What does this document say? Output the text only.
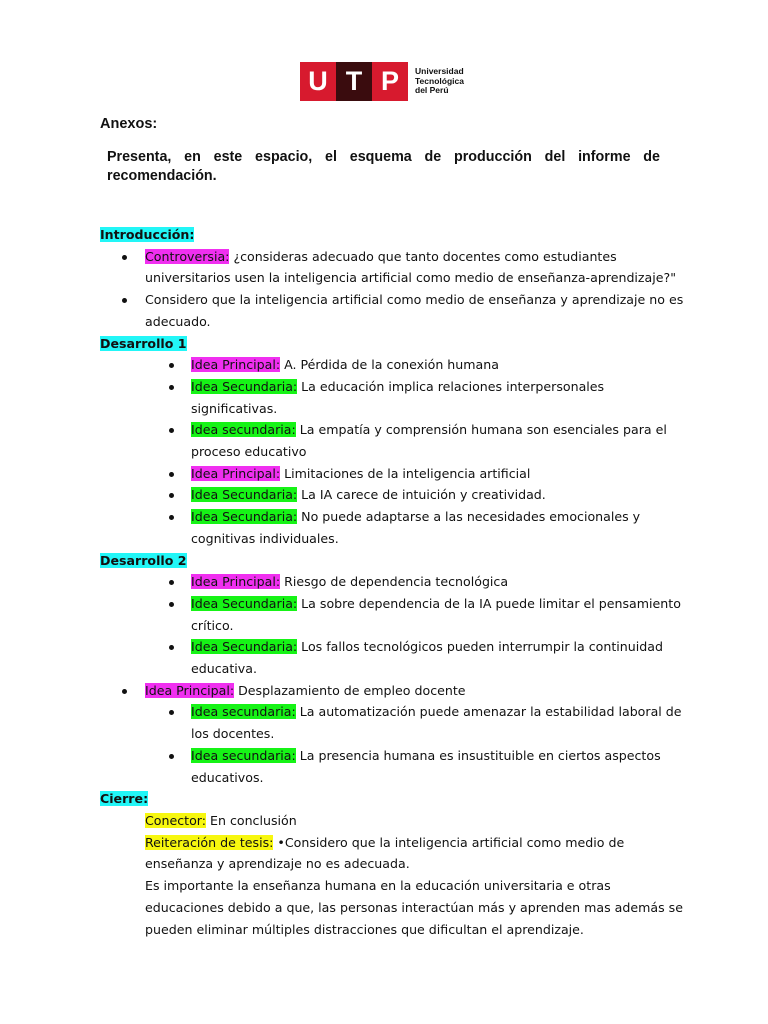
U T P	Universidad
Tecnológica
del Perú
Anexos:
Presenta, en este espacio, el esquema de producción del informe de recomendación.
Introducción:
Controversia: ¿consideras adecuado que tanto docentes como estudiantes
universitarios usen la inteligencia artificial como medio de enseñanza-aprendizaje?"
Considero que la inteligencia artificial como medio de enseñanza y aprendizaje no es
adecuado.
Desarrollo 1
Idea Principal: A. Pérdida de la conexión humana
Idea Secundaria: La educación implica relaciones interpersonales
significativas.
Idea secundaria: La empatía y comprensión humana son esenciales para el
proceso educativo
Idea Principal: Limitaciones de la inteligencia artificial
Idea Secundaria: La IA carece de intuición y creatividad.
Idea Secundaria: No puede adaptarse a las necesidades emocionales y
cognitivas individuales.
Desarrollo 2
Idea Principal: Riesgo de dependencia tecnológica
Idea Secundaria: La sobre dependencia de la IA puede limitar el pensamiento
crítico.
Idea Secundaria: Los fallos tecnológicos pueden interrumpir la continuidad
educativa.
Idea Principal: Desplazamiento de empleo docente
Idea secundaria: La automatización puede amenazar la estabilidad laboral de
los docentes.
Idea secundaria: La presencia humana es insustituible en ciertos aspectos
educativos.
Cierre:
Conector: En conclusión
Reiteración de tesis: •Considero que la inteligencia artificial como medio de
enseñanza y aprendizaje no es adecuada.
Es importante la enseñanza humana en la educación universitaria e otras
educaciones debido a que, las personas interactúan más y aprenden mas además se
pueden eliminar múltiples distracciones que dificultan el aprendizaje.
